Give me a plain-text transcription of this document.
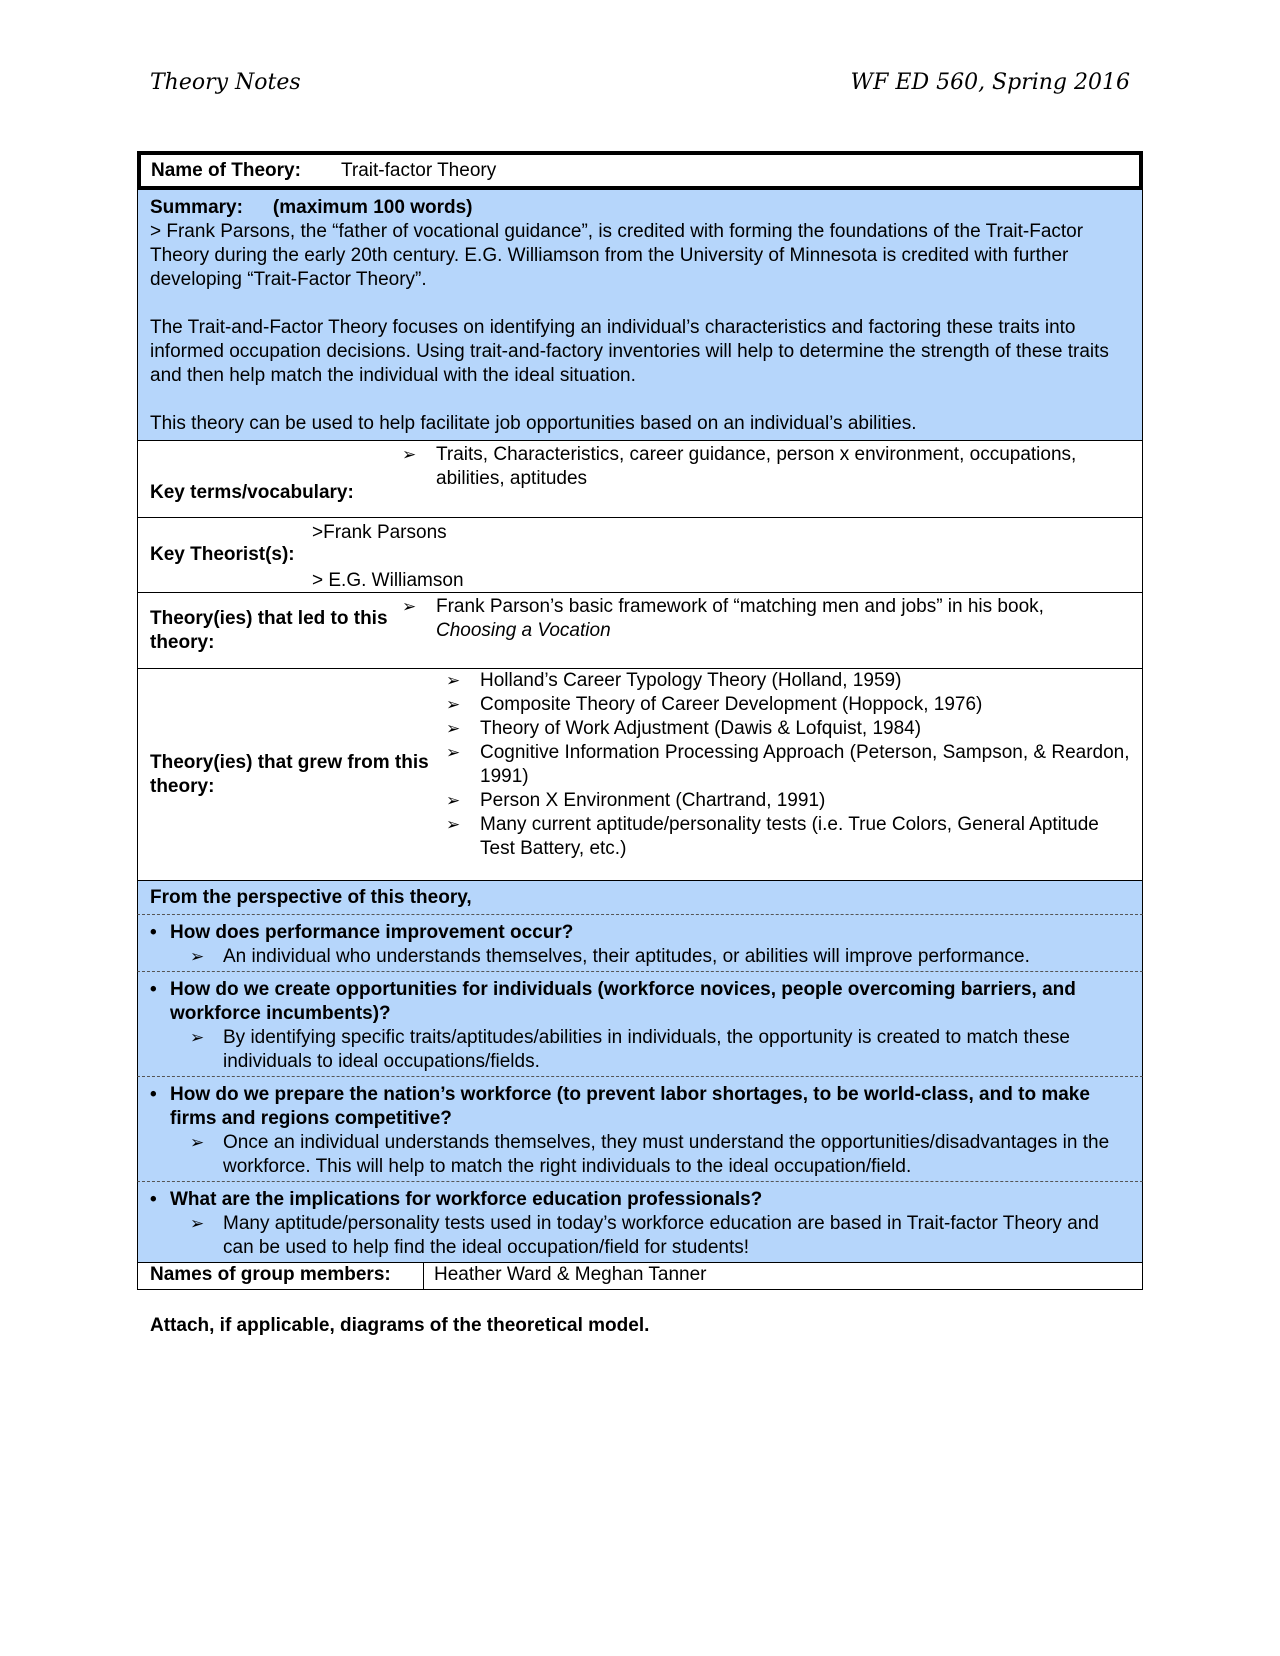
Theory Notes	WF ED 560, Spring 2016
Name of Theory:	Trait-factor Theory
Summary: (maximum 100 words)

> Frank Parsons, the “father of vocational guidance”, is credited with forming the foundations of the Trait-Factor Theory during the early 20th century. E.G. Williamson from the University of Minnesota is credited with further developing “Trait-Factor Theory”.

The Trait-and-Factor Theory focuses on identifying an individual’s characteristics and factoring these traits into informed occupation decisions. Using trait-and-factory inventories will help to determine the strength of these traits and then help match the individual with the ideal situation.

This theory can be used to help facilitate job opportunities based on an individual’s abilities.

Key terms/vocabulary:
➢ Traits, Characteristics, career guidance, person x environment, occupations, abilities, aptitudes
Key Theorist(s):
>Frank Parsons
> E.G. Williamson
Theory(ies) that led to this theory:
➢ Frank Parson’s basic framework of “matching men and jobs” in his book,
Choosing a Vocation
Theory(ies) that grew from this theory:
➢ Holland’s Career Typology Theory (Holland, 1959)
➢ Composite Theory of Career Development (Hoppock, 1976)
➢ Theory of Work Adjustment (Dawis & Lofquist, 1984)
➢ Cognitive Information Processing Approach (Peterson, Sampson, & Reardon, 1991)
➢ Person X Environment (Chartrand, 1991)
➢ Many current aptitude/personality tests (i.e. True Colors, General Aptitude Test Battery, etc.)
From the perspective of this theory,
• How does performance improvement occur?
➢ An individual who understands themselves, their aptitudes, or abilities will improve performance.
• How do we create opportunities for individuals (workforce novices, people overcoming barriers, and workforce incumbents)?
➢ By identifying specific traits/aptitudes/abilities in individuals, the opportunity is created to match these individuals to ideal occupations/fields.
• How do we prepare the nation’s workforce (to prevent labor shortages, to be world-class, and to make firms and regions competitive?
➢ Once an individual understands themselves, they must understand the opportunities/disadvantages in the workforce. This will help to match the right individuals to the ideal occupation/field.
• What are the implications for workforce education professionals?
➢ Many aptitude/personality tests used in today’s workforce education are based in Trait-factor Theory and can be used to help find the ideal occupation/field for students!
Names of group members:	Heather Ward & Meghan Tanner
Attach, if applicable, diagrams of the theoretical model.
